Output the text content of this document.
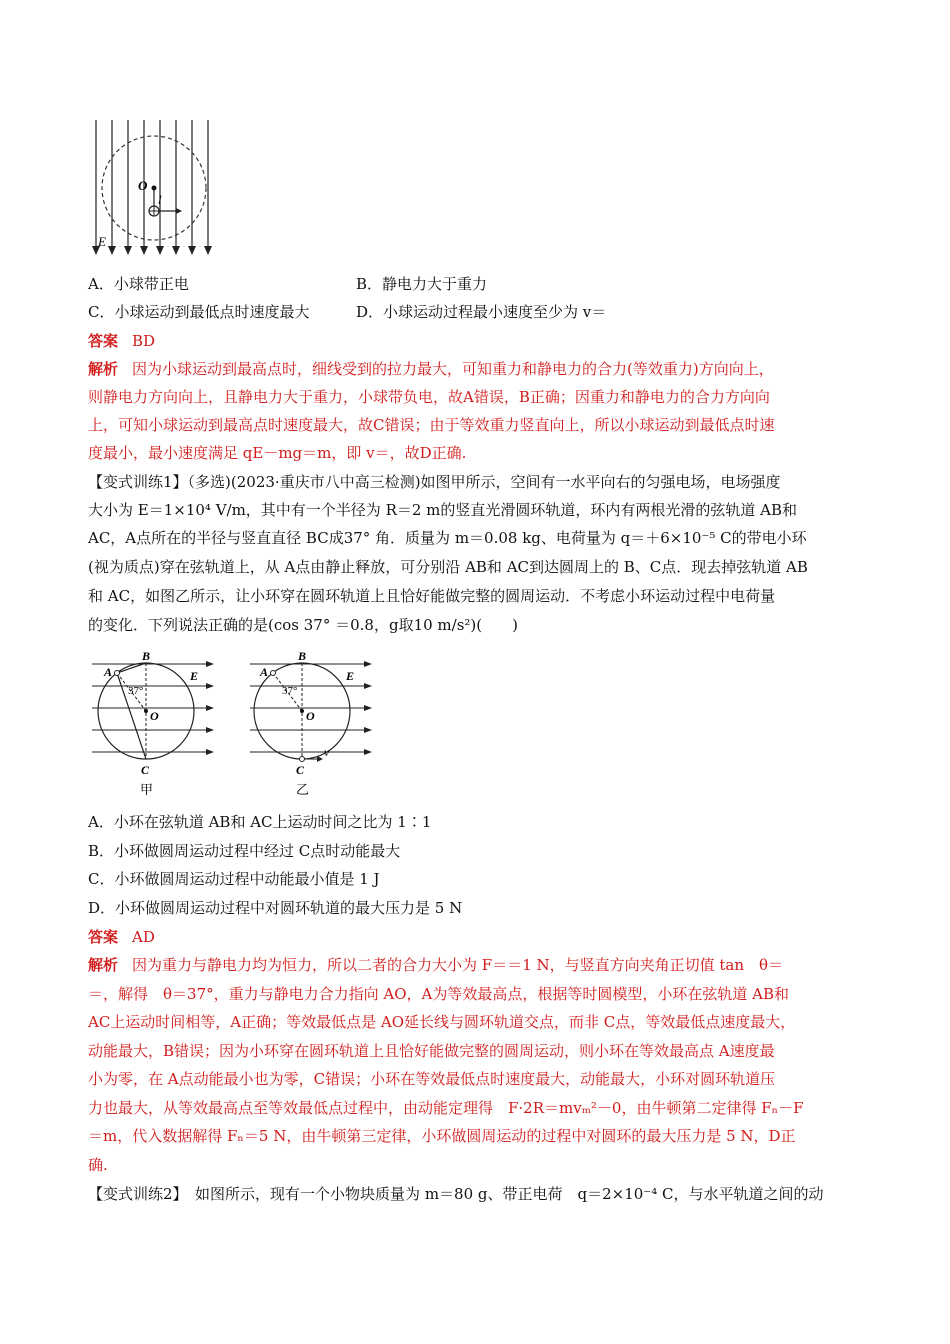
O
l
E
A．小球带正电	B．静电力大于重力
C．小球运动到最低点时速度最大	D．小球运动过程最小速度至少为 v＝
答案 BD
解析 因为小球运动到最高点时，细线受到的拉力最大，可知重力和静电力的合力(等效重力)方向向上，
则静电力方向向上，且静电力大于重力，小球带负电，故A错误，B正确；因重力和静电力的合力方向向
上，可知小球运动到最高点时速度最大，故C错误；由于等效重力竖直向上，所以小球运动到最低点时速
度最小，最小速度满足 qE－mg＝m，即 v＝，故D正确.
【变式训练1】（多选)(2023·重庆市八中高三检测)如图甲所示，空间有一水平向右的匀强电场，电场强度
大小为 E＝1×10⁴ V/m，其中有一个半径为 R＝2 m的竖直光滑圆环轨道，环内有两根光滑的弦轨道 AB和
AC，A点所在的半径与竖直直径 BC成37° 角．质量为 m＝0.08 kg、电荷量为 q＝＋6×10⁻⁵ C的带电小环
(视为质点)穿在弦轨道上，从 A点由静止释放，可分别沿 AB和 AC到达圆周上的 B、C点．现去掉弦轨道 AB
和 AC，如图乙所示，让小环穿在圆环轨道上且恰好能做完整的圆周运动．不考虑小环运动过程中电荷量
的变化．下列说法正确的是(cos 37° ＝0.8，g取10 m/s²)(　　)
B
A	E
37°
O
C
甲
B
A	E
37°
O
v
C
乙
A．小环在弦轨道 AB和 AC上运动时间之比为 1∶1
B．小环做圆周运动过程中经过 C点时动能最大
C．小环做圆周运动过程中动能最小值是 1 J
D．小环做圆周运动过程中对圆环轨道的最大压力是 5 N
答案 AD
解析 因为重力与静电力均为恒力，所以二者的合力大小为 F＝＝1 N，与竖直方向夹角正切值 tan　θ＝
＝，解得　θ＝37°，重力与静电力合力指向 AO，A为等效最高点，根据等时圆模型，小环在弦轨道 AB和
AC上运动时间相等，A正确；等效最低点是 AO延长线与圆环轨道交点，而非 C点，等效最低点速度最大，
动能最大，B错误；因为小环穿在圆环轨道上且恰好能做完整的圆周运动，则小环在等效最高点 A速度最
小为零，在 A点动能最小也为零，C错误；小环在等效最低点时速度最大，动能最大，小环对圆环轨道压
力也最大，从等效最高点至等效最低点过程中，由动能定理得　F·2R＝mvₘ²－0，由牛顿第二定律得 Fₙ－F
＝m，代入数据解得 Fₙ＝5 N，由牛顿第三定律，小环做圆周运动的过程中对圆环的最大压力是 5 N，D正
确.
【变式训练2】　如图所示，现有一个小物块质量为 m＝80 g、带正电荷　q＝2×10⁻⁴ C，与水平轨道之间的动
